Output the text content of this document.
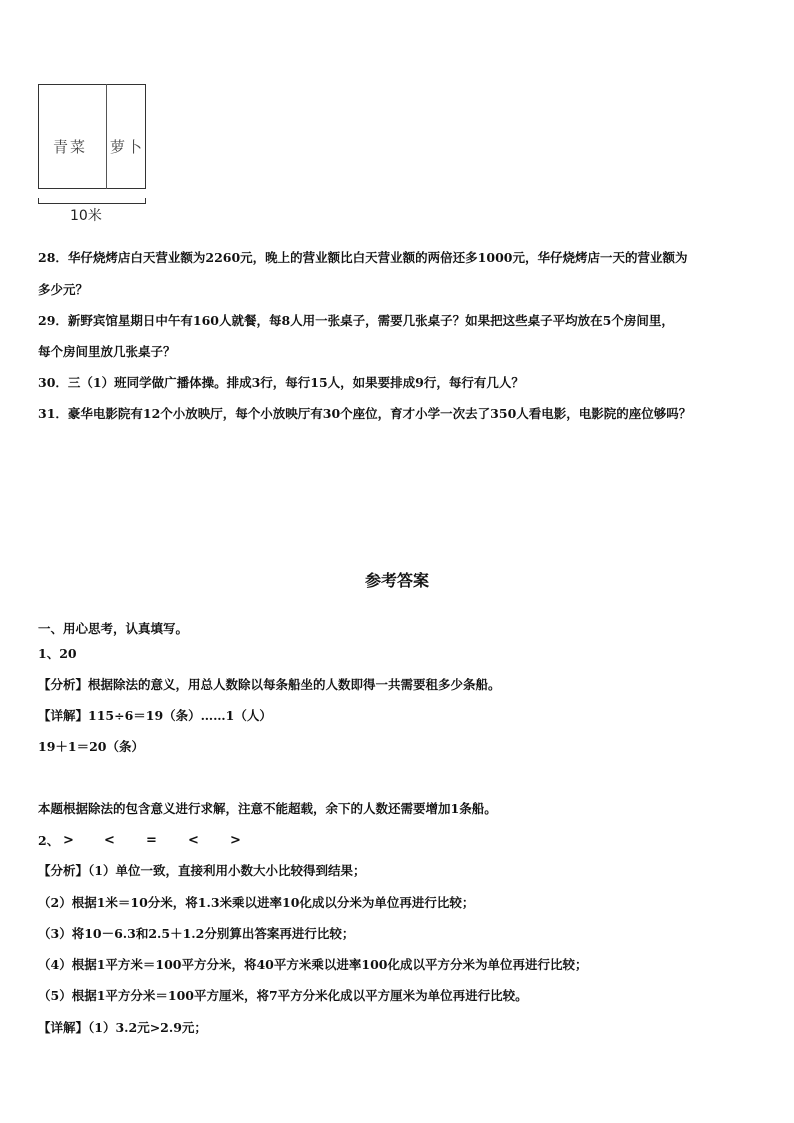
青菜 萝卜
10米
28．华仔烧烤店白天营业额为2260元，晚上的营业额比白天营业额的两倍还多1000元，华仔烧烤店一天的营业额为
多少元？
29．新野宾馆星期日中午有160人就餐，每8人用一张桌子，需要几张桌子？如果把这些桌子平均放在5个房间里，
每个房间里放几张桌子？
30．三（1）班同学做广播体操。排成3行，每行15人，如果要排成9行，每行有几人？
31．豪华电影院有12个小放映厅，每个小放映厅有30个座位，育才小学一次去了350人看电影，电影院的座位够吗？
参考答案
一、用心思考，认真填写。
1、20
【分析】根据除法的意义，用总人数除以每条船坐的人数即得一共需要租多少条船。
【详解】115÷6＝19（条）……1（人）
19＋1＝20（条）
本题根据除法的包含意义进行求解，注意不能超载，余下的人数还需要增加1条船。
2、 > < = < >
【分析】（1）单位一致，直接利用小数大小比较得到结果；
（2）根据1米＝10分米，将1.3米乘以进率10化成以分米为单位再进行比较；
（3）将10－6.3和2.5＋1.2分别算出答案再进行比较；
（4）根据1平方米＝100平方分米，将40平方米乘以进率100化成以平方分米为单位再进行比较；
（5）根据1平方分米＝100平方厘米，将7平方分米化成以平方厘米为单位再进行比较。
【详解】（1）3.2元>2.9元；
